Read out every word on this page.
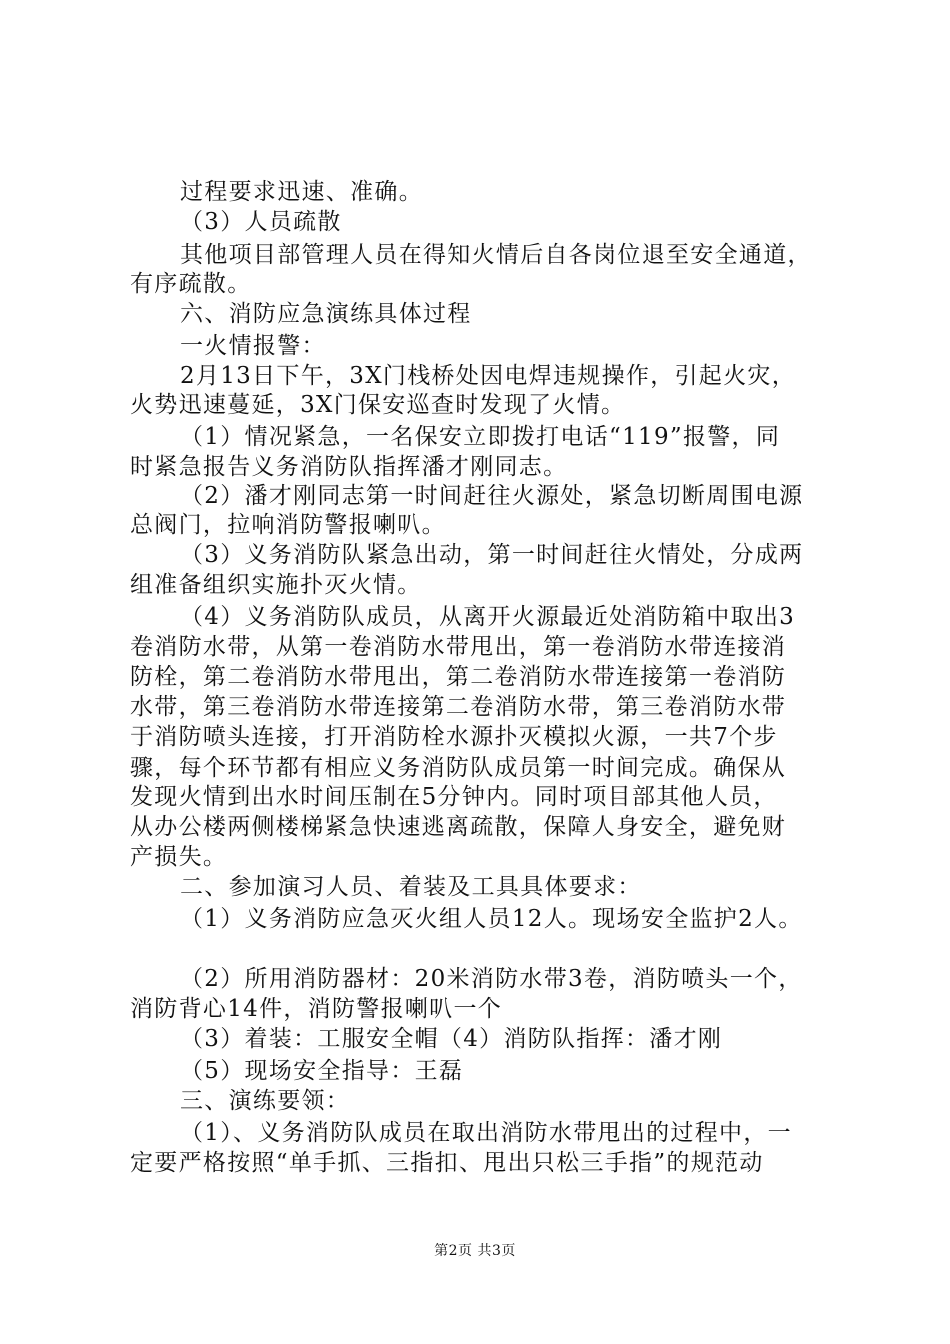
过程要求迅速、准确。
（3）人员疏散
其他项目部管理人员在得知火情后自各岗位退至安全通道，
有序疏散。
六、消防应急演练具体过程
一火情报警：
2月13日下午，3X门栈桥处因电焊违规操作，引起火灾，
火势迅速蔓延，3X门保安巡查时发现了火情。
（1）情况紧急，一名保安立即拨打电话“119”报警，同
时紧急报告义务消防队指挥潘才刚同志。
（2）潘才刚同志第一时间赶往火源处，紧急切断周围电源
总阀门，拉响消防警报喇叭。
（3）义务消防队紧急出动，第一时间赶往火情处，分成两
组准备组织实施扑灭火情。
（4）义务消防队成员，从离开火源最近处消防箱中取出3
卷消防水带，从第一卷消防水带甩出，第一卷消防水带连接消
防栓，第二卷消防水带甩出，第二卷消防水带连接第一卷消防
水带，第三卷消防水带连接第二卷消防水带，第三卷消防水带
于消防喷头连接，打开消防栓水源扑灭模拟火源，一共7个步
骤，每个环节都有相应义务消防队成员第一时间完成。确保从
发现火情到出水时间压制在5分钟内。同时项目部其他人员，
从办公楼两侧楼梯紧急快速逃离疏散，保障人身安全，避免财
产损失。
二、参加演习人员、着装及工具具体要求：
（1）义务消防应急灭火组人员12人。现场安全监护2人。
（2）所用消防器材：20米消防水带3卷，消防喷头一个，
消防背心14件，消防警报喇叭一个
（3）着装：工服安全帽（4）消防队指挥：潘才刚
（5）现场安全指导：王磊
三、演练要领：
（1）、义务消防队成员在取出消防水带甩出的过程中，一
定要严格按照“单手抓、三指扣、甩出只松三手指”的规范动
第2页 共3页
